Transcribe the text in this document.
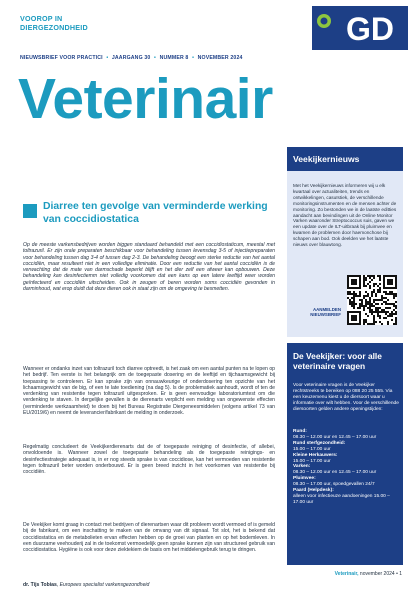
VOOROP IN
DIERGEZONDHEID	GD
NIEUWSBRIEF VOOR PRACTICI • JAARGANG 30 • NUMMER 8 • NOVEMBER 2024
Veterinair
Diarree ten gevolge van verminderde werking van coccidiostatica
Op de meeste varkensbedrijven worden biggen standaard behandeld met een coccidiostaticum, meestal met toltrazuril. Er zijn orale preparaten beschikbaar voor behandeling tussen levensdag 3-5 of injectiepreparaten voor behandeling tussen dag 3-4 of tussen dag 2-3. De behandeling beoogt een sterke reductie van het aantal coccidiën, maar resulteert niet in een volledige eliminatie. Door een reductie van het aantal coccidiën is de verwachting dat de mate van darmschade beperkt blijft en het dier zelf een afweer kan opbouwen. Deze behandeling kan desinfectiemm niet volledig voorkomen dat een kans op een latere leeftijd weer worden geïnfecteerd en coccidiën uitscheiden. Ook in zeugen of beren worden soms coccidiën gevonden in darminhoud, wat erop duidt dat deze dieren ook in staat zijn om de omgeving te besmetten.
Wanneer er ondanks inzet van toltrazuril toch diarree optreedt, is het zaak om een aantal punten na te lopen op het bedrijf. Ten eerste is het belangrijk om de toegepaste dosering en de leeftijd en tijchaamsgewicht bij toepassing te controleren. Er kan sprake zijn van onnauwkeurige of onderdosering ten opzichte van het lichaamsgewicht van de big, of een te late toediening (na dag 5). Is de problematiek aanhoudt, wordt of ten de verdenking van resistentie tegen toltrazuril uitgesproken. Er is geen eenvoudige laboratoriumtest om die verdenking te staven. In dergelijke gevallen is de dierenarts verplicht een melding van ongewenste effecten (verminderde werkzaamheid) te doen bij het Bureau Registratie Diergeneesmiddelen (volgens artikel 73 van EU/2019/6) en neemt de leverancier/fabrikant de melding in onderzoek.
Regelmatig concludeert de Veekijkerdierenarts dat de of toegepaste reiniging of desinfectie, of allebei, onvoldoende is. Wanneer zowel de toegepaste behandeling als de toegepaste reinigings- en desinfectiestrategie adequaat is, in er nog steeds sprake is van coccidiose, kan het vermoeden van resistentie tegen toltrazuril beter worden onderbouwd. Er is geen breed inzicht in het voorkomen van resistentie bij coccidiën.
De Veekijker komt graag in contact met bedrijven of dierenartsen waar dit probleem wordt vermoed of is gemeld bij de fabrikant, om een inschatting te maken van de omvang van dit signaal. Tot slot, het is bekend dat coccidiostatica en de metabolieten ervan effecten hebben op de groei van planten en op het bodemleven. In een duurzame veehouderij zal in de toekomst vermoedelijk geen sprake kunnen zijn van structureel gebruik van coccidiostatica. Hygiëne is ook voor deze ziektekiem de basis om het middelengebruik terug te dringen.
dr. Tijs Tobias, Europees specialist varkensgezondheid
Veekijkernieuws
Met het Veekijkernieuws informeren wij u elk kwartaal over actualiteiten, trends en ontwikkelingen, casuïstiek, de verschillende monitoringsinstrumenten en de mensen achter de monitoring. Zo bestonden we in de laatste editties aandacht aan bevindingen uit de Online Monitor Varken waaronder Streptococcus suis, gaven we een update over de ILT-uitbraak bij pluimvee en kwamen de problemen door haemonchose bij schapen aan bod. Ook deelden we het laatste nieuws over blauwtong.
AANMELDEN
NIEUWSBRIEF
De Veekijker: voor alle veterinaire vragen
Voor veterinaire vragen is de Veekijker rechtstreeks te bereiken op 088 20 25 555. Via een keuzemenu kiest u de diersoort waar u informatie over wilt hebben. Voor de verschillende diersoorten gelden andere openingstijden:
Rund:
08.30 – 12.00 uur en 12.45 – 17.00 uur
Rund sterfgezondheid:
15.00 – 17.00 uur
Kleine Herkauwers:
15.00 – 17.00 uur
Varken:
08.30 – 12.00 uur en 12.45 – 17.00 uur
Pluimvee:
08.30 – 17.00 uur, spoedgevallen 24/7
Paard (Helpdesk):
alleen voor infectieuze aandoeningen 15.00 – 17.00 uur
Veterinair, november 2024 • 1
